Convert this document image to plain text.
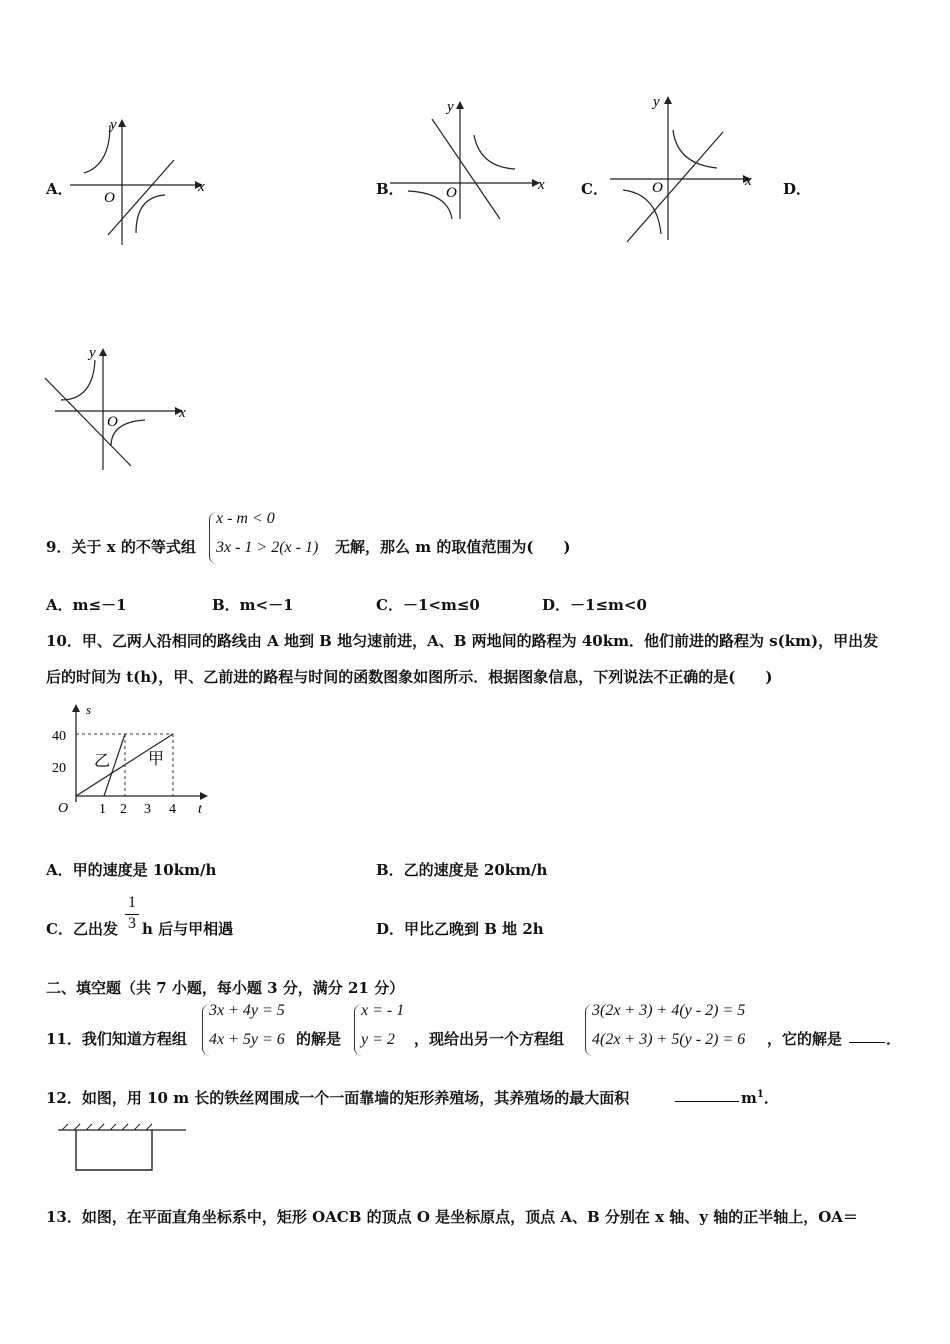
A．	x
y
O	B．	x
y
O	C．	x
y
O	D．
x
y
O
9．关于 x 的不等式组
x - m < 0
3x - 1 > 2(x - 1) 无解，那么 m 的取值范围为(　　)
A．m≤－1	B．m<－1	C．－1<m≤0	D．－1≤m<0
10．甲、乙两人沿相同的路线由 A 地到 B 地匀速前进，A、B 两地间的路程为 40km．他们前进的路程为 s(km)，甲出发
后的时间为 t(h)，甲、乙前进的路程与时间的函数图象如图所示．根据图象信息，下列说法不正确的是(　　)
s
t
O
40
20
1 2 3 4
乙 甲
A．甲的速度是 10km/h	B．乙的速度是 20km/h
C．乙出发
1
3 h 后与甲相遇	D．甲比乙晚到 B 地 2h
二、填空题（共 7 小题，每小题 3 分，满分 21 分）
11．我们知道方程组
3x + 4y = 5
4x + 5y = 6 的解是
x = - 1
y = 2 ，现给出另一个方程组
3(2x + 3) + 4(y - 2) = 5
4(2x + 3) + 5(y - 2) = 6 ，它的解是	．
12．如图，用 10 m 长的铁丝网围成一个一面靠墙的矩形养殖场，其养殖场的最大面积	$m^1$．
13．如图，在平面直角坐标系中，矩形 OACB 的顶点 O 是坐标原点，顶点 A、B 分别在 x 轴、y 轴的正半轴上，OA＝
